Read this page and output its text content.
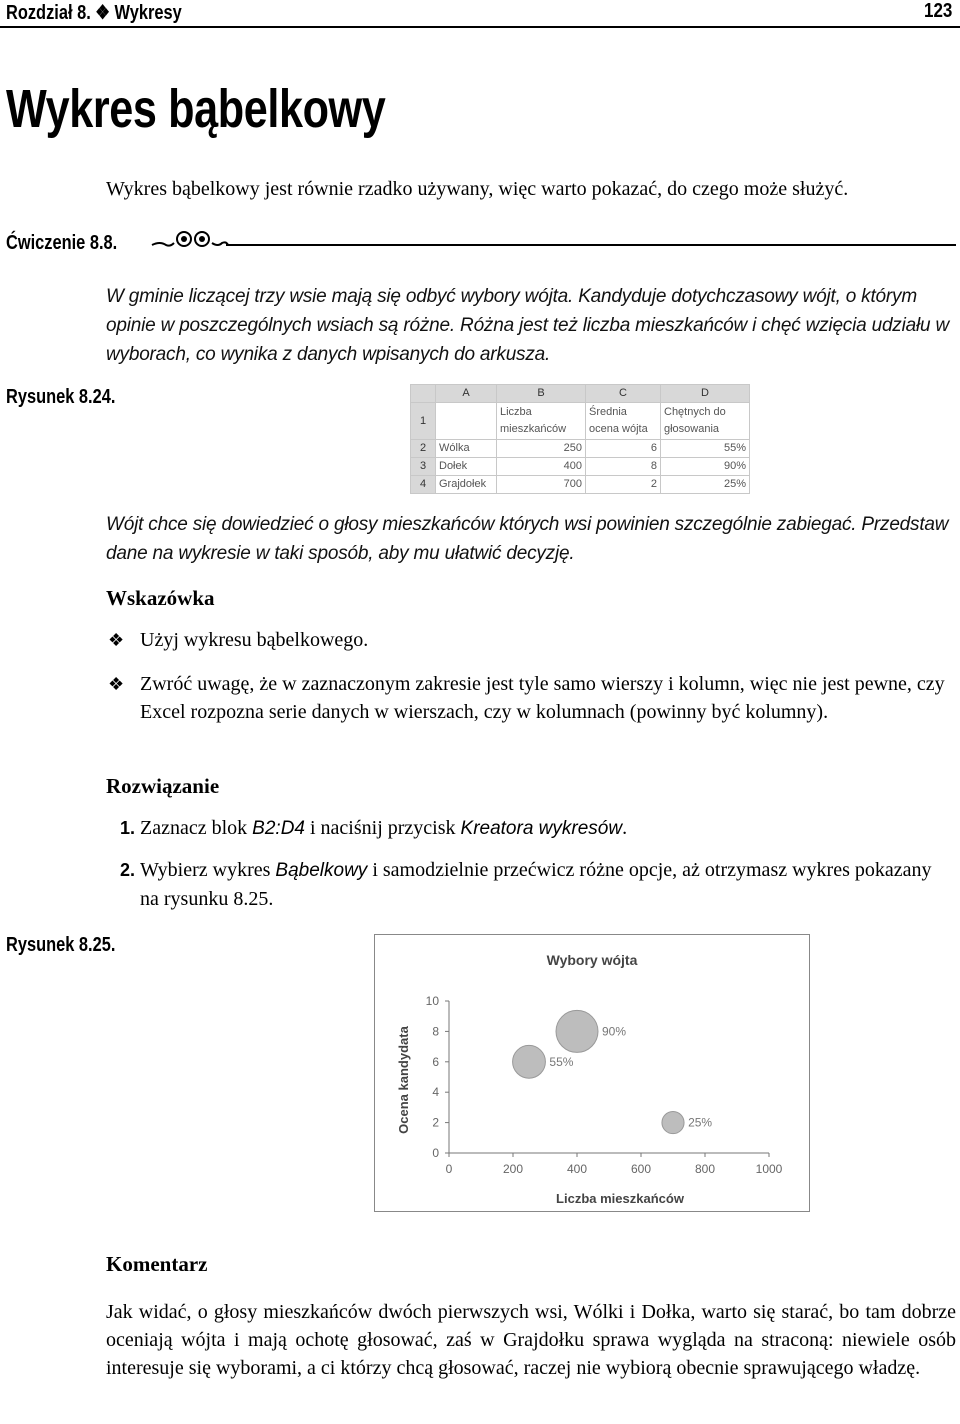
Rozdział 8. ❖ Wykresy	123
Wykres bąbelkowy
Wykres bąbelkowy jest równie rzadko używany, więc warto pokazać, do czego może służyć.
Ćwiczenie 8.8.
W gminie liczącej trzy wsie mają się odbyć wybory wójta. Kandyduje dotychczasowy wójt, o którym opinie w poszczególnych wsiach są różne. Różna jest też liczba mieszkańców i chęć wzięcia udziału w wyborach, co wynika z danych wpisanych do arkusza.
Rysunek 8.24.
		A	B	C	D
1		Liczba mieszkańców	Średnia ocena wójta	Chętnych do głosowania
2	Wólka	250	6	55%
3	Dołek	400	8	90%
4	Grajdołek	700	2	25%
Wójt chce się dowiedzieć o głosy mieszkańców których wsi powinien szczególnie zabiegać. Przedstaw dane na wykresie w taki sposób, aby mu ułatwić decyzję.
Wskazówka
❖ Użyj wykresu bąbelkowego.
❖ Zwróć uwagę, że w zaznaczonym zakresie jest tyle samo wierszy i kolumn, więc nie jest pewne, czy Excel rozpozna serie danych w wierszach, czy w kolumnach (powinny być kolumny).
Rozwiązanie
1. Zaznacz blok B2:D4 i naciśnij przycisk Kreatora wykresów.
2. Wybierz wykres Bąbelkowy i samodzielnie przećwicz różne opcje, aż otrzymasz wykres pokazany na rysunku 8.25.
Rysunek 8.25.
Wybory wójta
Liczba mieszkańców
Ocena kandydata
0	200	400	600	800	1000
0
2
4
6
8
10
55%
90%
25%
Komentarz
Jak widać, o głosy mieszkańców dwóch pierwszych wsi, Wólki i Dołka, warto się starać, bo tam dobrze oceniają wójta i mają ochotę głosować, zaś w Grajdołku sprawa wygląda na straconą: niewiele osób interesuje się wyborami, a ci którzy chcą głosować, raczej nie wybiorą obecnie sprawującego władzę.
